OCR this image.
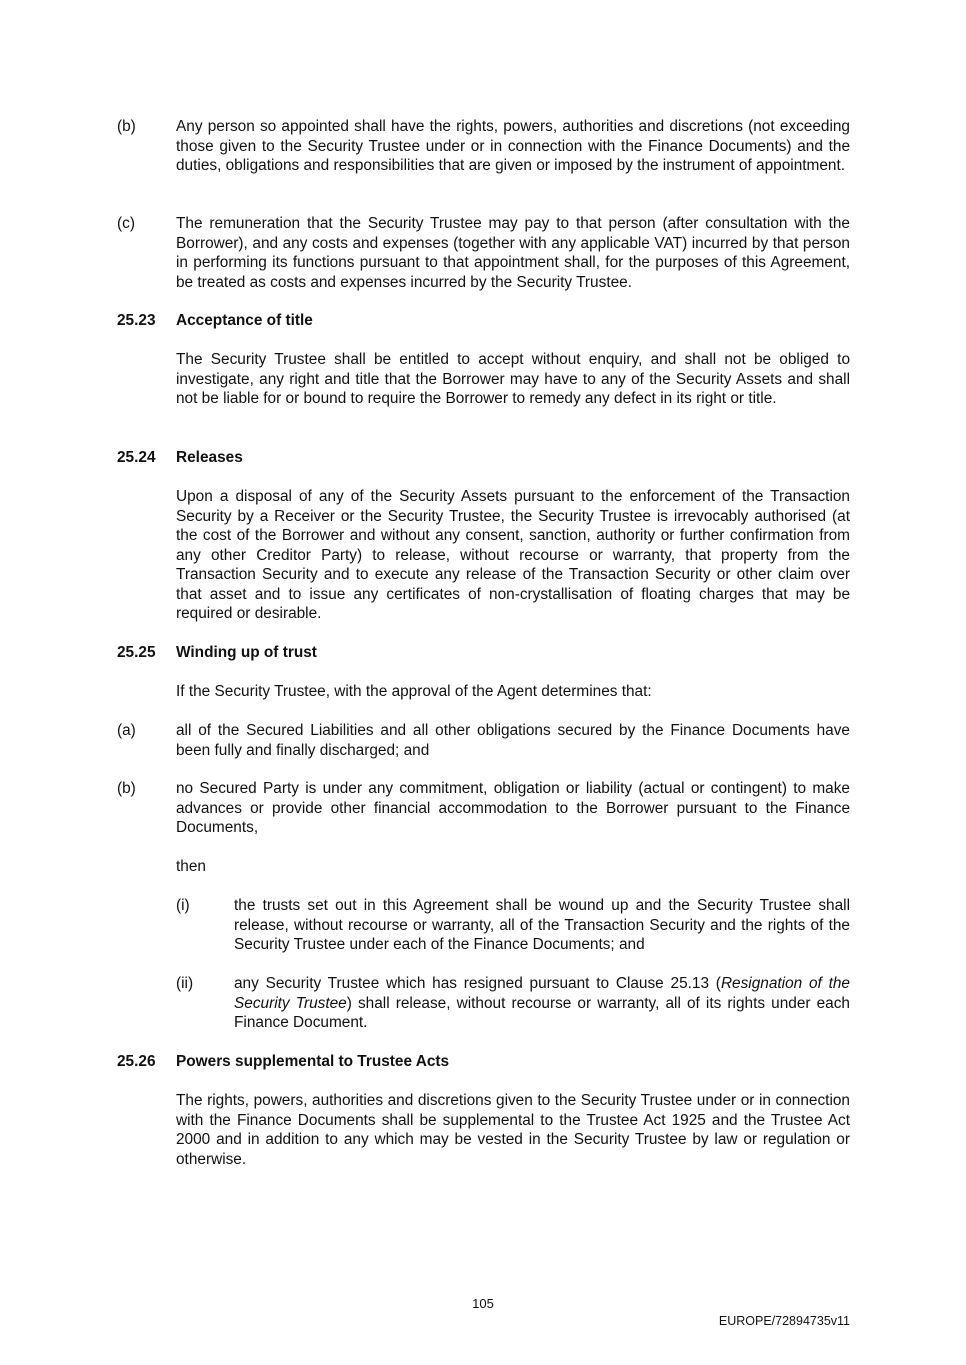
(b)	Any person so appointed shall have the rights, powers, authorities and discretions (not exceeding those given to the Security Trustee under or in connection with the Finance Documents) and the duties, obligations and responsibilities that are given or imposed by the instrument of appointment.
(c)	The remuneration that the Security Trustee may pay to that person (after consultation with the Borrower), and any costs and expenses (together with any applicable VAT) incurred by that person in performing its functions pursuant to that appointment shall, for the purposes of this Agreement, be treated as costs and expenses incurred by the Security Trustee.
25.23 Acceptance of title
The Security Trustee shall be entitled to accept without enquiry, and shall not be obliged to investigate, any right and title that the Borrower may have to any of the Security Assets and shall not be liable for or bound to require the Borrower to remedy any defect in its right or title.
25.24 Releases
Upon a disposal of any of the Security Assets pursuant to the enforcement of the Transaction Security by a Receiver or the Security Trustee, the Security Trustee is irrevocably authorised (at the cost of the Borrower and without any consent, sanction, authority or further confirmation from any other Creditor Party) to release, without recourse or warranty, that property from the Transaction Security and to execute any release of the Transaction Security or other claim over that asset and to issue any certificates of non-crystallisation of floating charges that may be required or desirable.
25.25 Winding up of trust
If the Security Trustee, with the approval of the Agent determines that:
(a)	all of the Secured Liabilities and all other obligations secured by the Finance Documents have been fully and finally discharged; and
(b)	no Secured Party is under any commitment, obligation or liability (actual or contingent) to make advances or provide other financial accommodation to the Borrower pursuant to the Finance Documents,
then
(i)	the trusts set out in this Agreement shall be wound up and the Security Trustee shall release, without recourse or warranty, all of the Transaction Security and the rights of the Security Trustee under each of the Finance Documents; and
(ii)	any Security Trustee which has resigned pursuant to Clause 25.13 (Resignation of the Security Trustee) shall release, without recourse or warranty, all of its rights under each Finance Document.
25.26 Powers supplemental to Trustee Acts
The rights, powers, authorities and discretions given to the Security Trustee under or in connection with the Finance Documents shall be supplemental to the Trustee Act 1925 and the Trustee Act 2000 and in addition to any which may be vested in the Security Trustee by law or regulation or otherwise.
105
EUROPE/72894735v11
